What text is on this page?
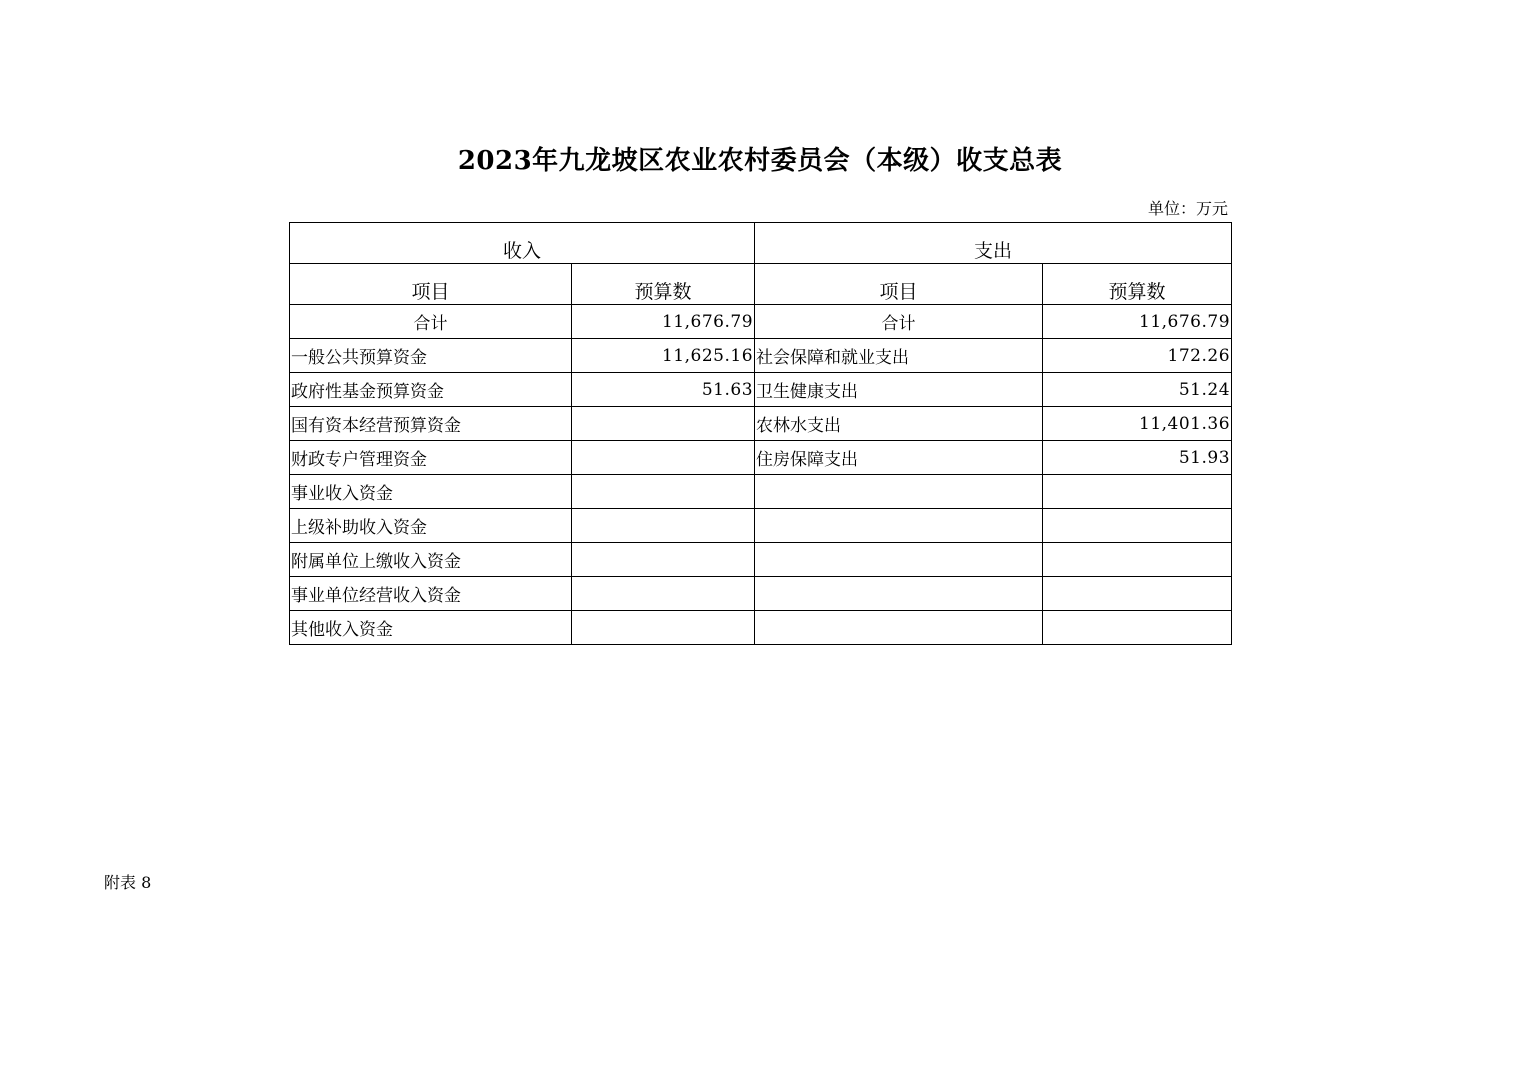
2023年九龙坡区农业农村委员会（本级）收支总表
单位：万元
收入		支出	
项目	预算数	项目	预算数
合计	11,676.79	合计	11,676.79
一般公共预算资金	11,625.16	社会保障和就业支出	172.26
政府性基金预算资金	51.63	卫生健康支出	51.24
国有资本经营预算资金		农林水支出	11,401.36
财政专户管理资金		住房保障支出	51.93
事业收入资金			
上级补助收入资金			
附属单位上缴收入资金			
事业单位经营收入资金			
其他收入资金			
附表 8
